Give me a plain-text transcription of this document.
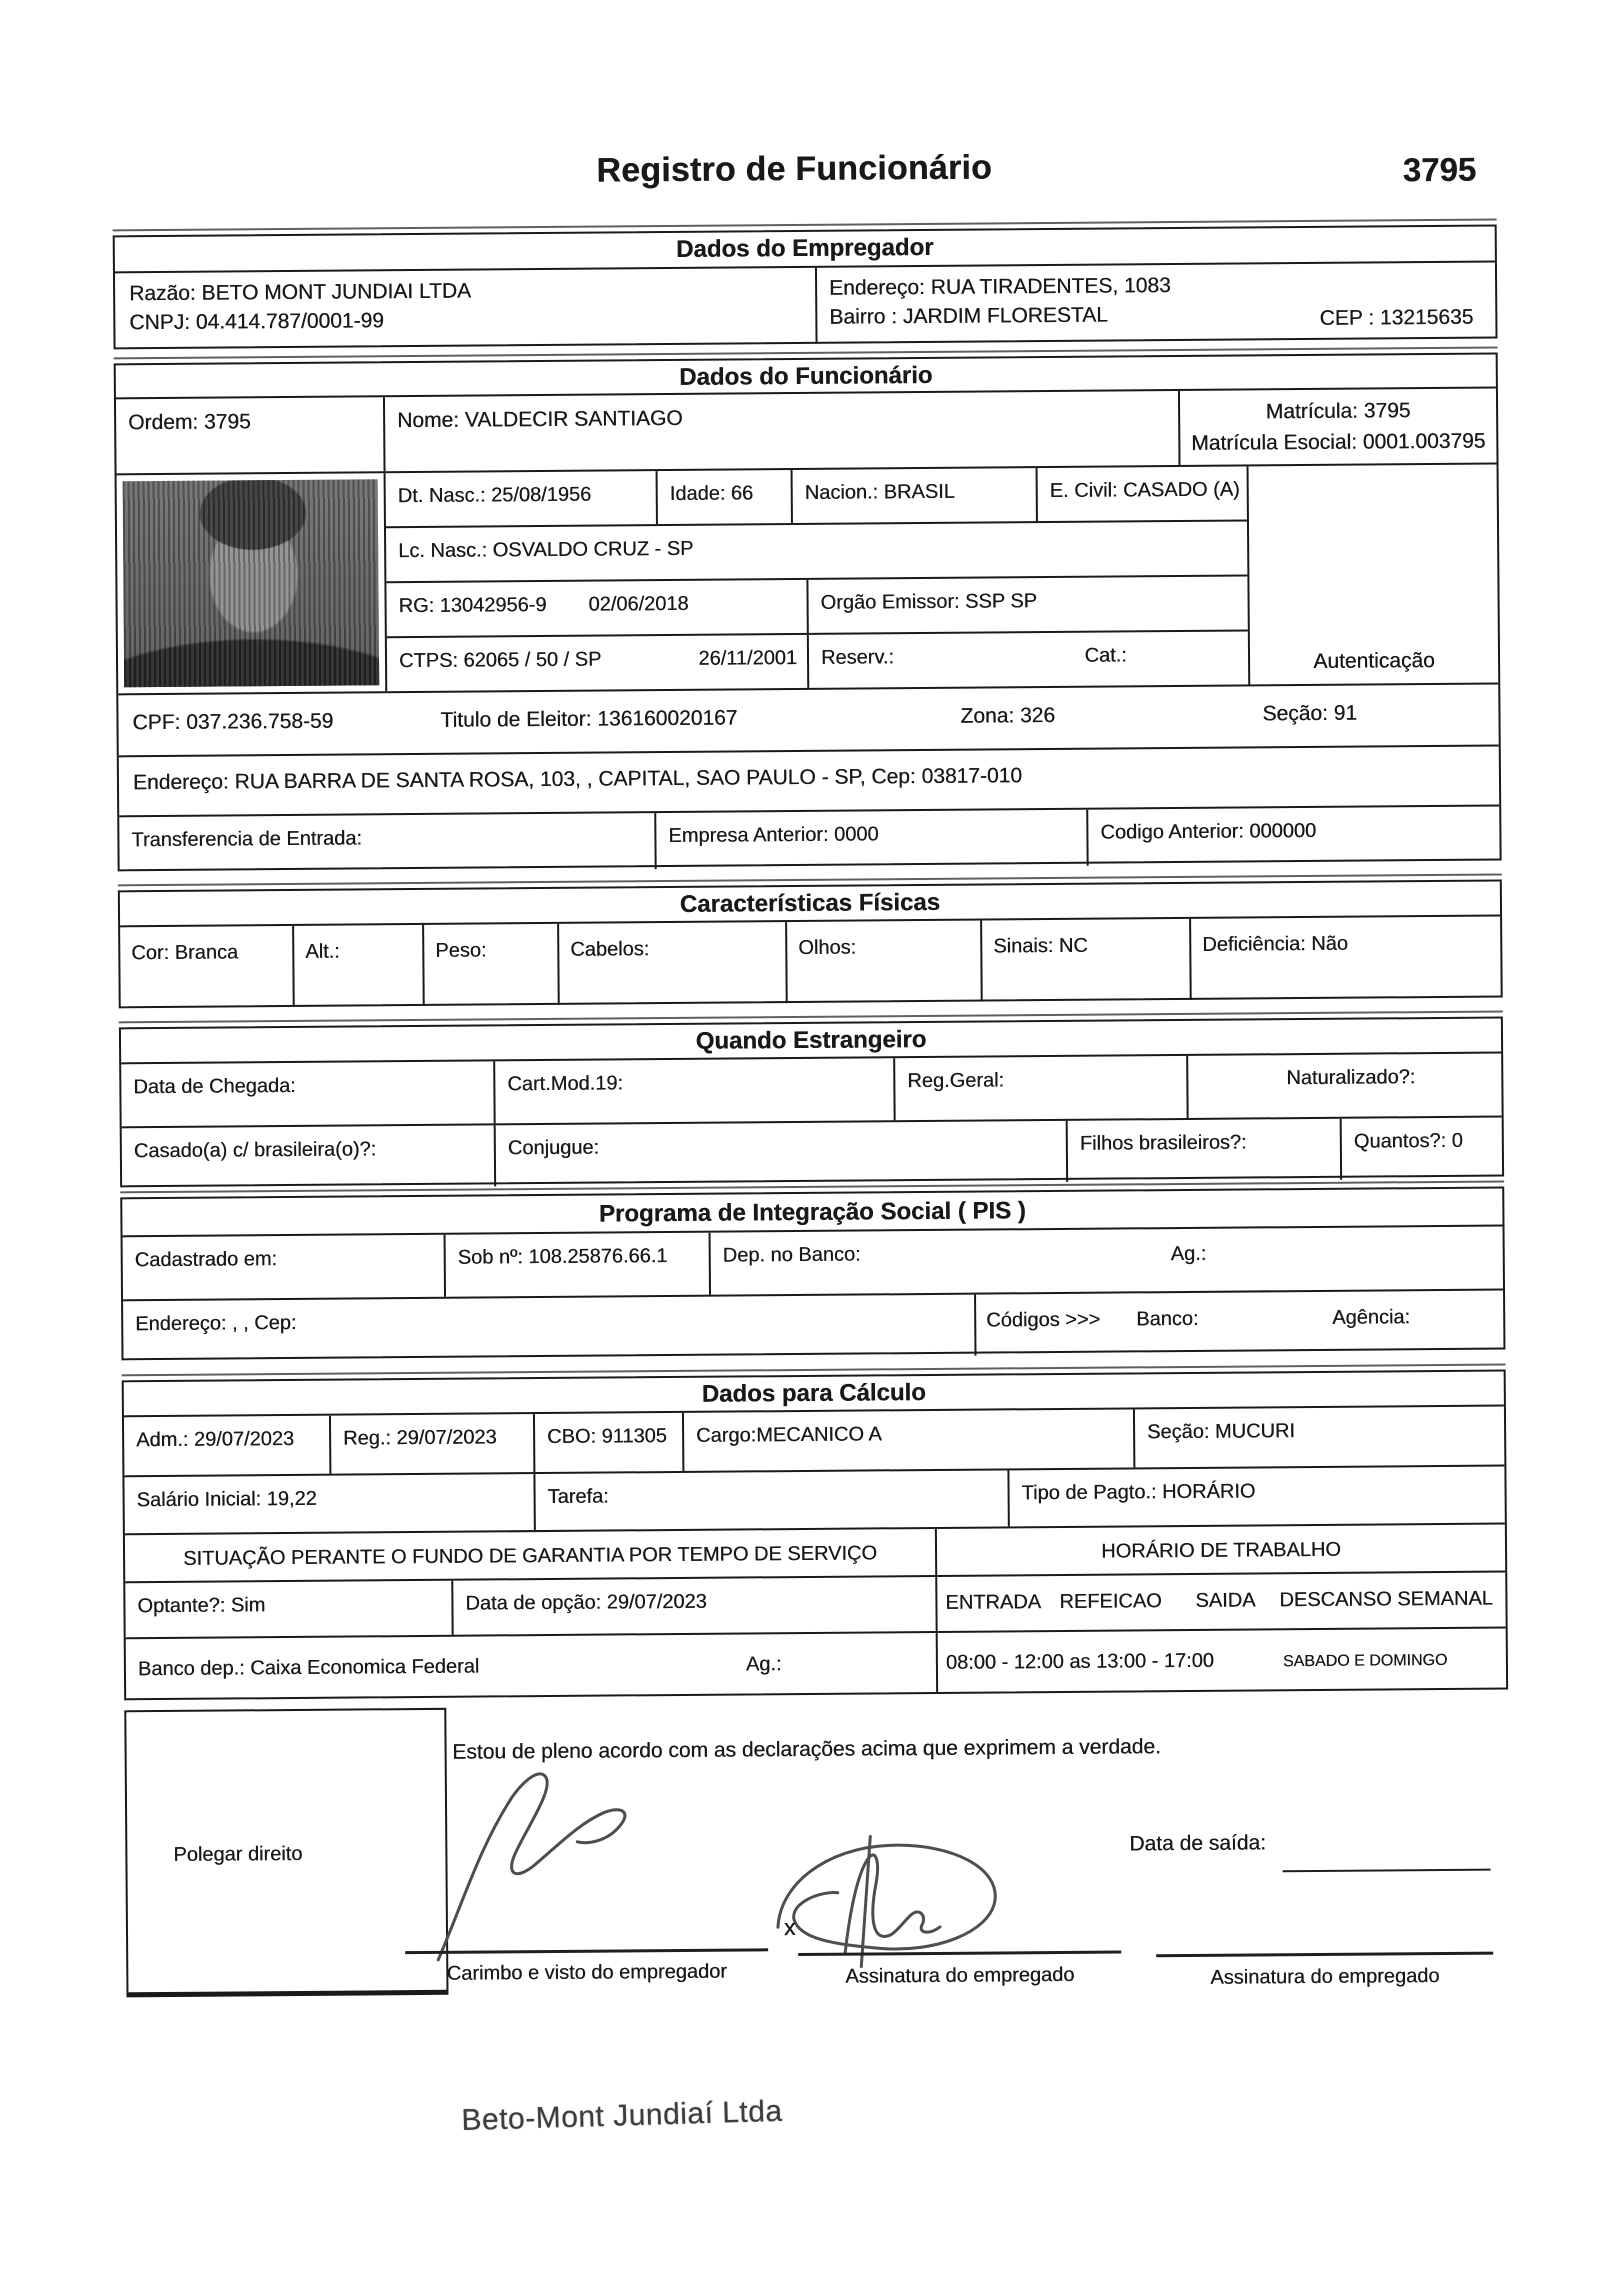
Registro de Funcionário	3795
Dados do Empregador
Razão: BETO MONT JUNDIAI LTDA
CNPJ: 04.414.787/0001-99
Endereço: RUA TIRADENTES, 1083
Bairro : JARDIM FLORESTAL	CEP : 13215635
Dados do Funcionário
Ordem: 3795	Nome: VALDECIR SANTIAGO	Matrícula: 3795
Matrícula Esocial: 0001.003795
Dt. Nasc.: 25/08/1956	Idade: 66	Nacion.: BRASIL	E. Civil: CASADO (A)
Lc. Nasc.: OSVALDO CRUZ - SP
RG: 13042956-9 02/06/2018	Orgão Emissor: SSP SP
CTPS: 62065 / 50 / SP	26/11/2001	Reserv.:	Cat.:	Autenticação
CPF: 037.236.758-59	Titulo de Eleitor: 136160020167	Zona: 326	Seção: 91
Endereço: RUA BARRA DE SANTA ROSA, 103, , CAPITAL, SAO PAULO - SP, Cep: 03817-010
Transferencia de Entrada:	Empresa Anterior: 0000	Codigo Anterior: 000000
Características Físicas
Cor: Branca	Alt.:	Peso:	Cabelos:	Olhos:	Sinais: NC	Deficiência: Não
Quando Estrangeiro
Data de Chegada:	Cart.Mod.19:	Reg.Geral:	Naturalizado?:
Casado(a) c/ brasileira(o)?:	Conjugue:	Filhos brasileiros?:	Quantos?: 0
Programa de Integração Social ( PIS )
Cadastrado em:	Sob nº: 108.25876.66.1	Dep. no Banco:	Ag.:
Endereço: , , Cep:	Códigos >>> Banco:	Agência:
Dados para Cálculo
Adm.: 29/07/2023	Reg.: 29/07/2023	CBO: 911305	Cargo:MECANICO A	Seção: MUCURI
Salário Inicial: 19,22	Tarefa:	Tipo de Pagto.: HORÁRIO
SITUAÇÃO PERANTE O FUNDO DE GARANTIA POR TEMPO DE SERVIÇO
Optante?: Sim	Data de opção: 29/07/2023
Banco dep.: Caixa Economica Federal	Ag.:
HORÁRIO DE TRABALHO
ENTRADA REFEICAO SAIDA DESCANSO SEMANAL
08:00 - 12:00 as 13:00 - 17:00	SABADO E DOMINGO
Polegar direito
Estou de pleno acordo com as declarações acima que exprimem a verdade.
Data de saída:
x
Carimbo e visto do empregador	Assinatura do empregado	Assinatura do empregado
Beto-Mont Jundiaí Ltda
